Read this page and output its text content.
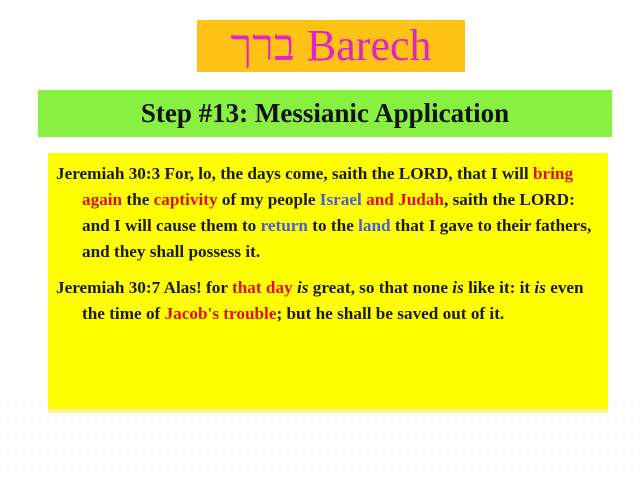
ברך Barech
Step #13: Messianic Application

Jeremiah 30:3 For, lo, the days come, saith the LORD, that I will bring again the captivity of my people Israel and Judah, saith the LORD: and I will cause them to return to the land that I gave to their fathers, and they shall possess it.

Jeremiah 30:7 Alas! for that day is great, so that none is like it: it is even the time of Jacob's trouble; but he shall be saved out of it.
